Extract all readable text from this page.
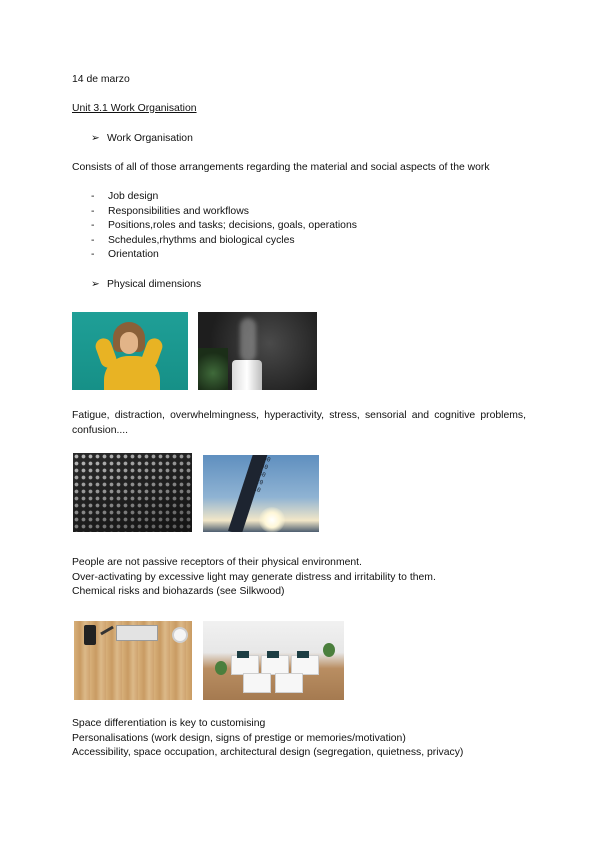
14 de marzo
Unit 3.1 Work Organisation
➢ Work Organisation
Consists of all of those arrangements regarding the material and social aspects of the work
- Job design
- Responsibilities and workflows
- Positions,roles and tasks; decisions, goals, operations
- Schedules,rhythms and biological cycles
- Orientation
➢ Physical dimensions
Fatigue, distraction, overwhelmingness, hyperactivity, stress, sensorial and cognitive problems, confusion....
50
40
30
20
10
People are not passive receptors of their physical environment.
Over-activating by excessive light may generate distress and irritability to them.
Chemical risks and biohazards (see Silkwood)
Space differentiation is key to customising
Personalisations (work design, signs of prestige or memories/motivation)
Accessibility, space occupation, architectural design (segregation, quietness, privacy)
